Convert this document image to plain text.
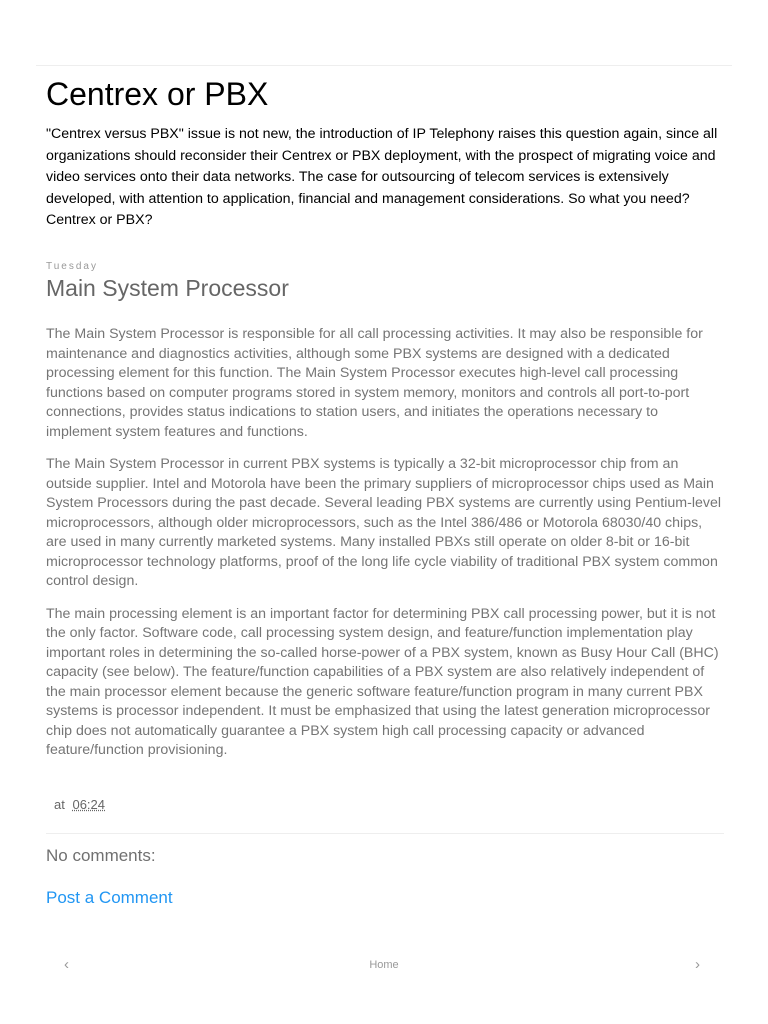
Centrex or PBX

"Centrex versus PBX" issue is not new, the introduction of IP Telephony raises this question again, since all organizations should reconsider their Centrex or PBX deployment, with the prospect of migrating voice and video services onto their data networks. The case for outsourcing of telecom services is extensively developed, with attention to application, financial and management considerations. So what you need? Centrex or PBX?

Tuesday
Main System Processor

The Main System Processor is responsible for all call processing activities. It may also be responsible for maintenance and diagnostics activities, although some PBX systems are designed with a dedicated processing element for this function. The Main System Processor executes high-level call processing functions based on computer programs stored in system memory, monitors and controls all port-to-port connections, provides status indications to station users, and initiates the operations necessary to implement system features and functions.

The Main System Processor in current PBX systems is typically a 32-bit microprocessor chip from an outside supplier. Intel and Motorola have been the primary suppliers of microprocessor chips used as Main System Processors during the past decade. Several leading PBX systems are currently using Pentium-level microprocessors, although older microprocessors, such as the Intel 386/486 or Motorola 68030/40 chips, are used in many currently marketed systems. Many installed PBXs still operate on older 8-bit or 16-bit microprocessor technology platforms, proof of the long life cycle viability of traditional PBX system common control design.

The main processing element is an important factor for determining PBX call processing power, but it is not the only factor. Software code, call processing system design, and feature/function implementation play important roles in determining the so-called horse-power of a PBX system, known as Busy Hour Call (BHC) capacity (see below). The feature/function capabilities of a PBX system are also relatively independent of the main processor element because the generic software feature/function program in many current PBX systems is processor independent. It must be emphasized that using the latest generation microprocessor chip does not automatically guarantee a PBX system high call processing capacity or advanced feature/function provisioning.

at 06:24
No comments:
Post a Comment
‹	Home	›
